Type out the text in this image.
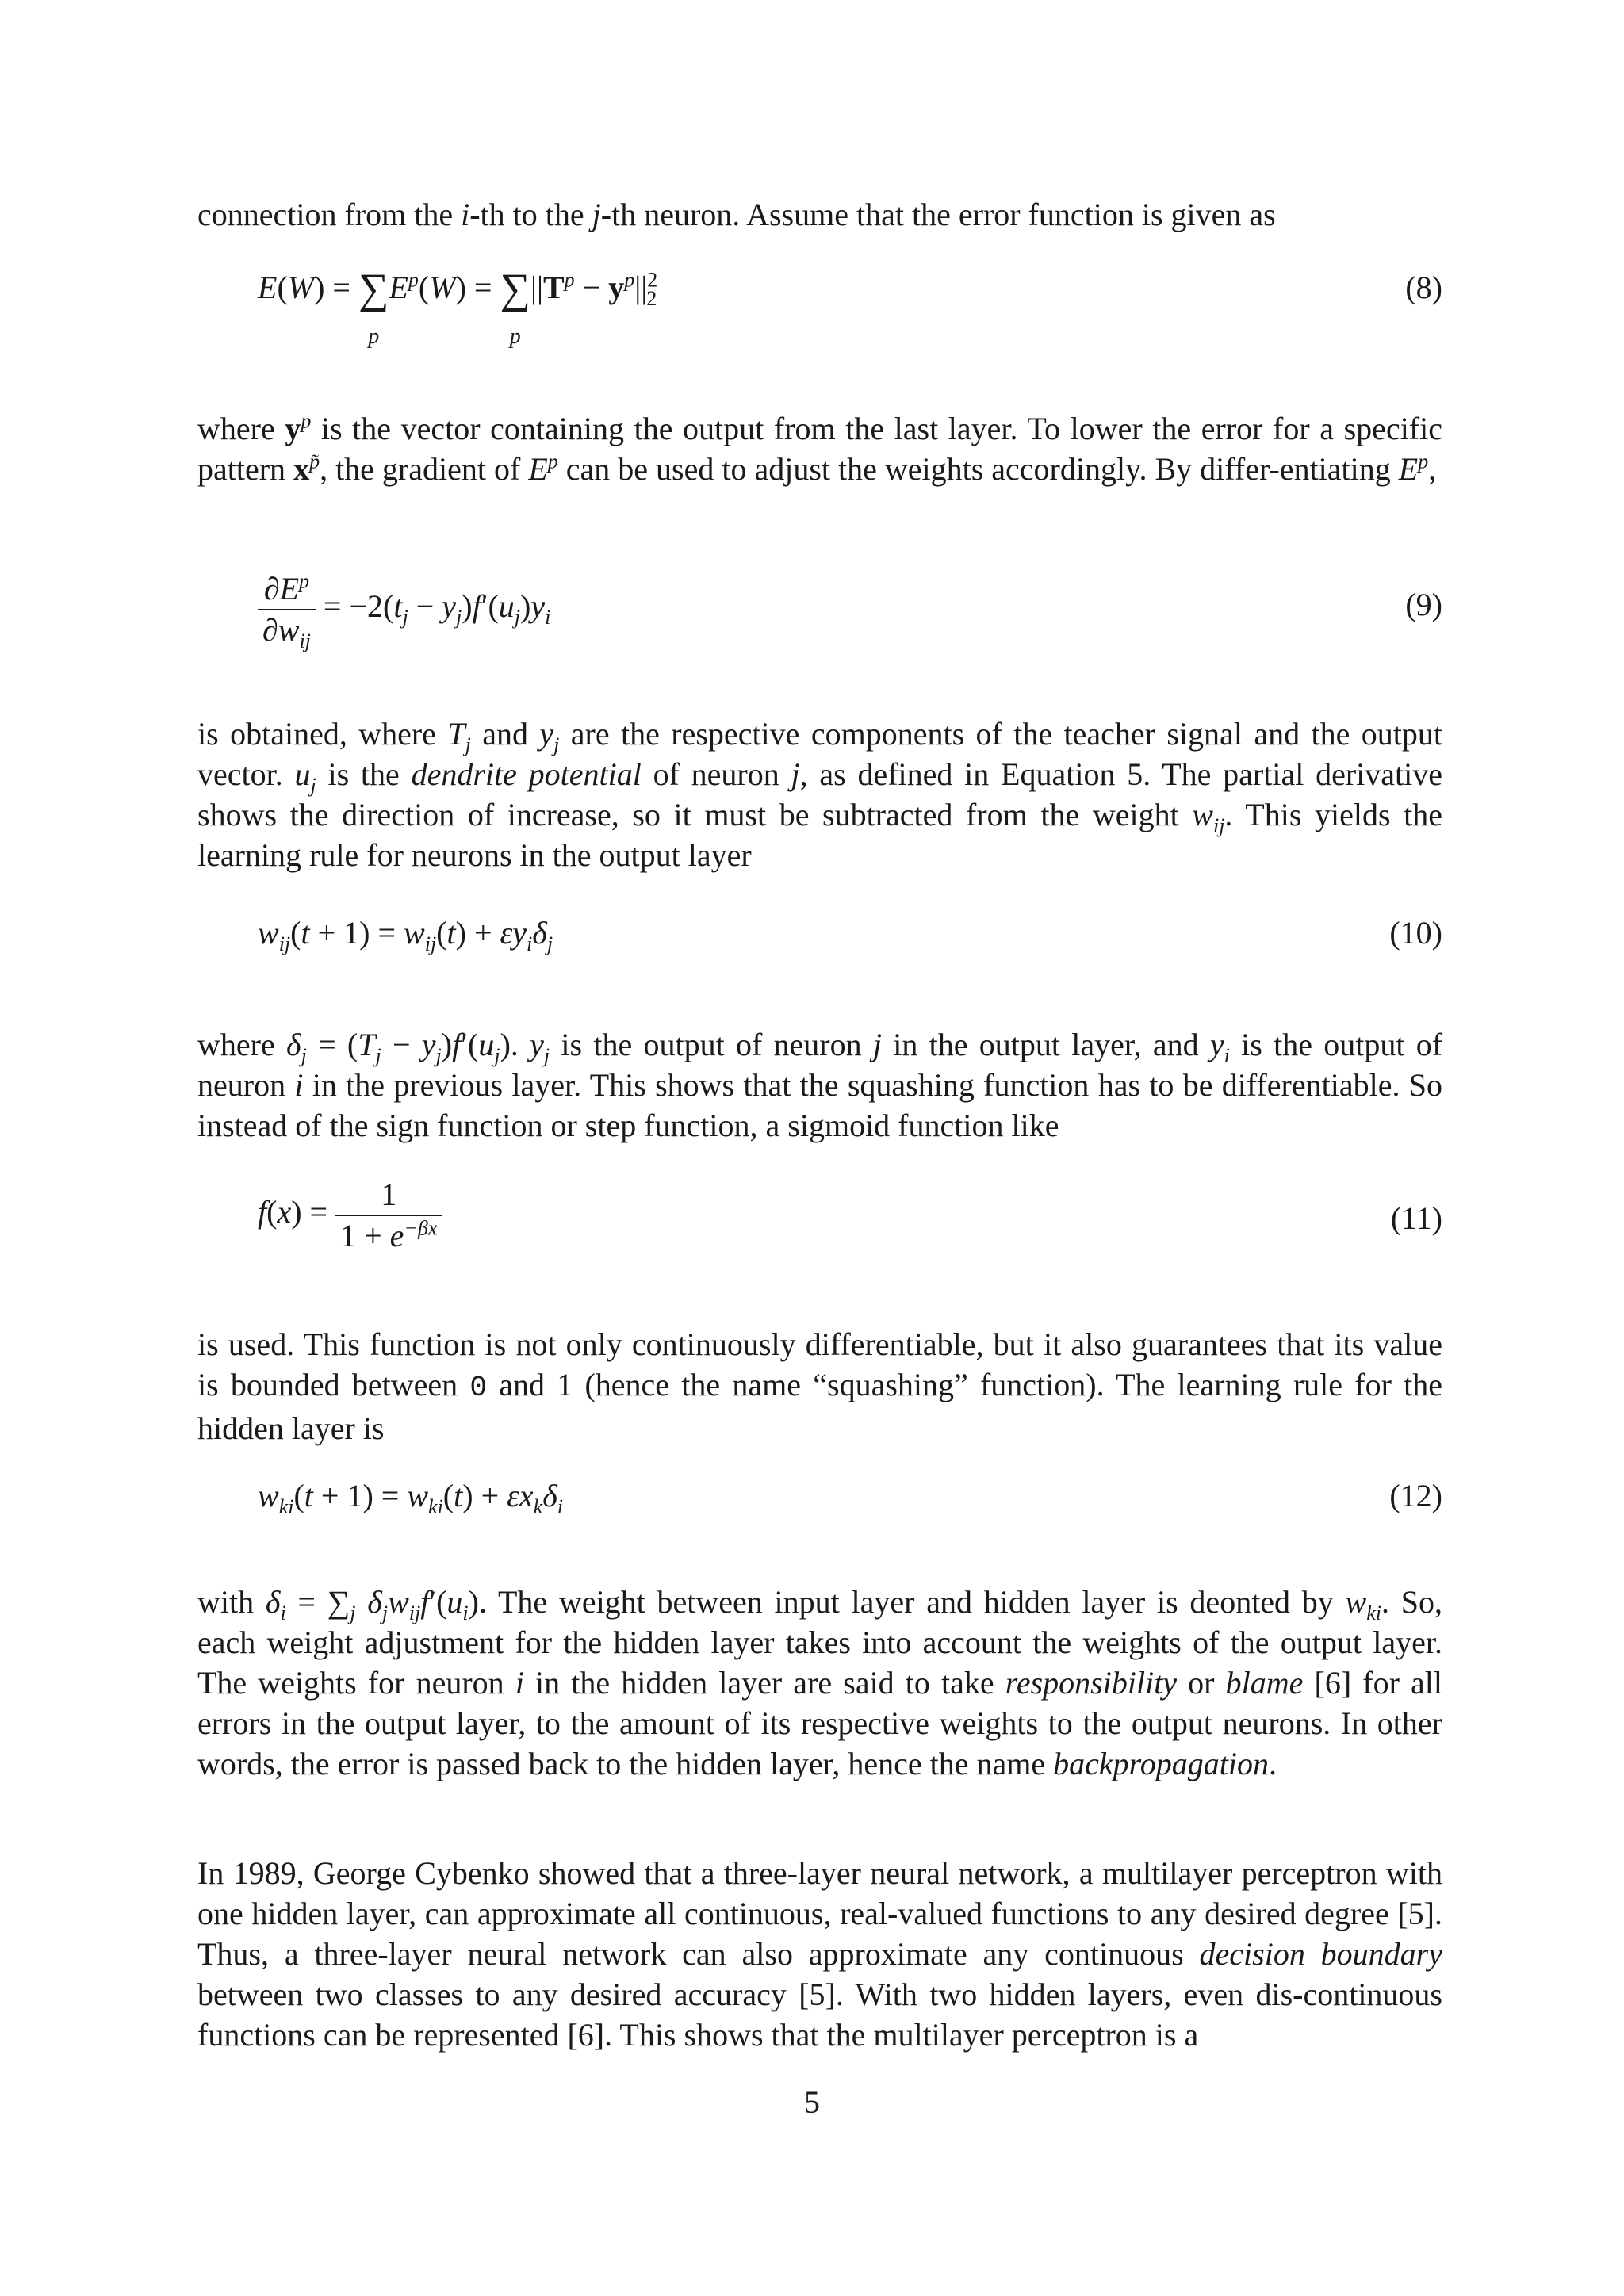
connection from the i-th to the j-th neuron. Assume that the error function is given as

E(W) = ∑
p
$E^p(W)$ = ∑
p
$||T^p - y^p||^2_2$	(8)

where $y^p$ is the vector containing the output from the last layer. To lower the error for a specific pattern $x^{p̃}$, the gradient of $E^p$ can be used to adjust the weights accordingly. By differ-entiating $E^p$,

$\frac{\partial E^p}{\partial w_{ij}} = -2(t_j - y_j)f'(u_j)y_i$	(9)

is obtained, where $T_j$ and $y_j$ are the respective components of the teacher signal and the output vector. $u_j$ is the dendrite potential of neuron j, as defined in Equation 5. The partial derivative shows the direction of increase, so it must be subtracted from the weight $w_{ij}$. This yields the learning rule for neurons in the output layer

$w_{ij}(t + 1) = w_{ij}(t) + \varepsilon y_i\delta_j$	(10)

where $\delta_j = (T_j - y_j)f'(u_j)$. $y_j$ is the output of neuron j in the output layer, and $y_i$ is the output of neuron i in the previous layer. This shows that the squashing function has to be differentiable. So instead of the sign function or step function, a sigmoid function like

$f(x) = \frac{1}{1 + e^{-\beta x}}$	(11)

is used. This function is not only continuously differentiable, but it also guarantees that its value is bounded between 0 and 1 (hence the name “squashing” function). The learning rule for the hidden layer is

$w_{ki}(t + 1) = w_{ki}(t) + \varepsilon x_k\delta_i$	(12)

with $\delta_i = \sum_j$ $\delta_jw_{ij}f'(u_i)$. The weight between input layer and hidden layer is deonted by $w_{ki}$. So, each weight adjustment for the hidden layer takes into account the weights of the output layer. The weights for neuron i in the hidden layer are said to take responsibility or blame [6] for all errors in the output layer, to the amount of its respective weights to the output neurons. In other words, the error is passed back to the hidden layer, hence the name backpropagation.

In 1989, George Cybenko showed that a three-layer neural network, a multilayer perceptron with one hidden layer, can approximate all continuous, real-valued functions to any desired degree [5]. Thus, a three-layer neural network can also approximate any continuous decision boundary between two classes to any desired accuracy [5]. With two hidden layers, even dis-continuous functions can be represented [6]. This shows that the multilayer perceptron is a

5
